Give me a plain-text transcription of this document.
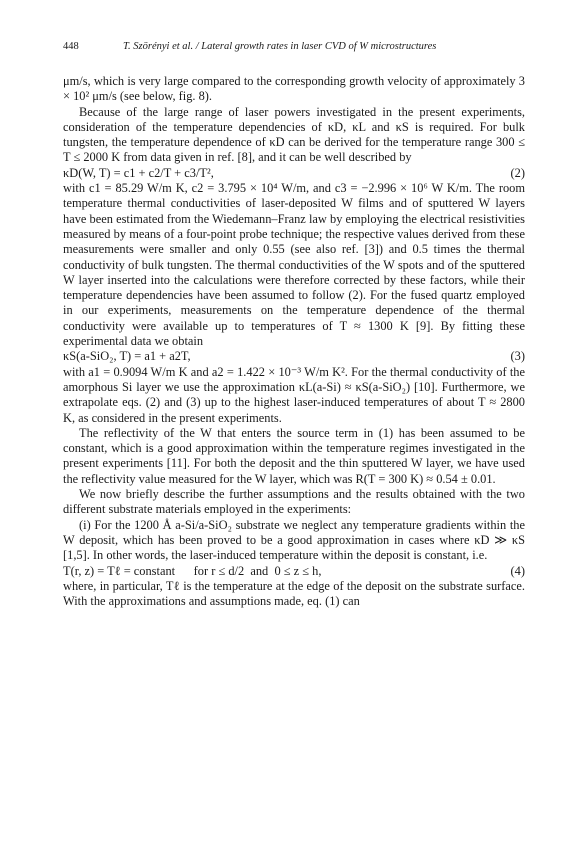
448	T. Szörényi et al. / Lateral growth rates in laser CVD of W microstructures

μm/s, which is very large compared to the corresponding growth velocity of approximately 3 × 10² μm/s (see below, fig. 8).

Because of the large range of laser powers investigated in the present experiments, consideration of the temperature dependencies of κD, κL and κS is required. For bulk tungsten, the temperature dependence of κD can be derived for the temperature range 300 ≤ T ≤ 2000 K from data given in ref. [8], and it can be well described by

κD(W, T) = c1 + c2/T + c3/T²,	(2)

with c1 = 85.29 W/m K, c2 = 3.795 × 10⁴ W/m, and c3 = −2.996 × 10⁶ W K/m. The room temperature thermal conductivities of laser-deposited W films and of sputtered W layers have been estimated from the Wiedemann–Franz law by employing the electrical resistivities measured by means of a four-point probe technique; the respective values derived from these measurements were smaller and only 0.55 (see also ref. [3]) and 0.5 times the thermal conductivity of bulk tungsten. The thermal conductivities of the W spots and of the sputtered W layer inserted into the calculations were therefore corrected by these factors, while their temperature dependencies have been assumed to follow (2). For the fused quartz employed in our experiments, measurements on the temperature dependence of the thermal conductivity were available up to temperatures of T ≈ 1300 K [9]. By fitting these experimental data we obtain

κS(a-SiO₂, T) = a1 + a2T,	(3)

with a1 = 0.9094 W/m K and a2 = 1.422 × 10⁻³ W/m K². For the thermal conductivity of the amorphous Si layer we use the approximation κL(a-Si) ≈ κS(a-SiO₂) [10]. Furthermore, we extrapolate eqs. (2) and (3) up to the highest laser-induced temperatures of about T ≈ 2800 K, as considered in the present experiments.

The reflectivity of the W that enters the source term in (1) has been assumed to be constant, which is a good approximation within the temperature regimes investigated in the present experiments [11]. For both the deposit and the thin sputtered W layer, we have used the reflectivity value measured for the W layer, which was R(T = 300 K) ≈ 0.54 ± 0.01.

We now briefly describe the further assumptions and the results obtained with the two different substrate materials employed in the experiments:

(i) For the 1200 Å a-Si/a-SiO₂ substrate we neglect any temperature gradients within the W deposit, which has been proved to be a good approximation in cases where κD ≫ κS [1,5]. In other words, the laser-induced temperature within the deposit is constant, i.e.

T(r, z) = Tℓ = constant      for r ≤ d/2  and  0 ≤ z ≤ h,	(4)

where, in particular, Tℓ is the temperature at the edge of the deposit on the substrate surface. With the approximations and assumptions made, eq. (1) can
